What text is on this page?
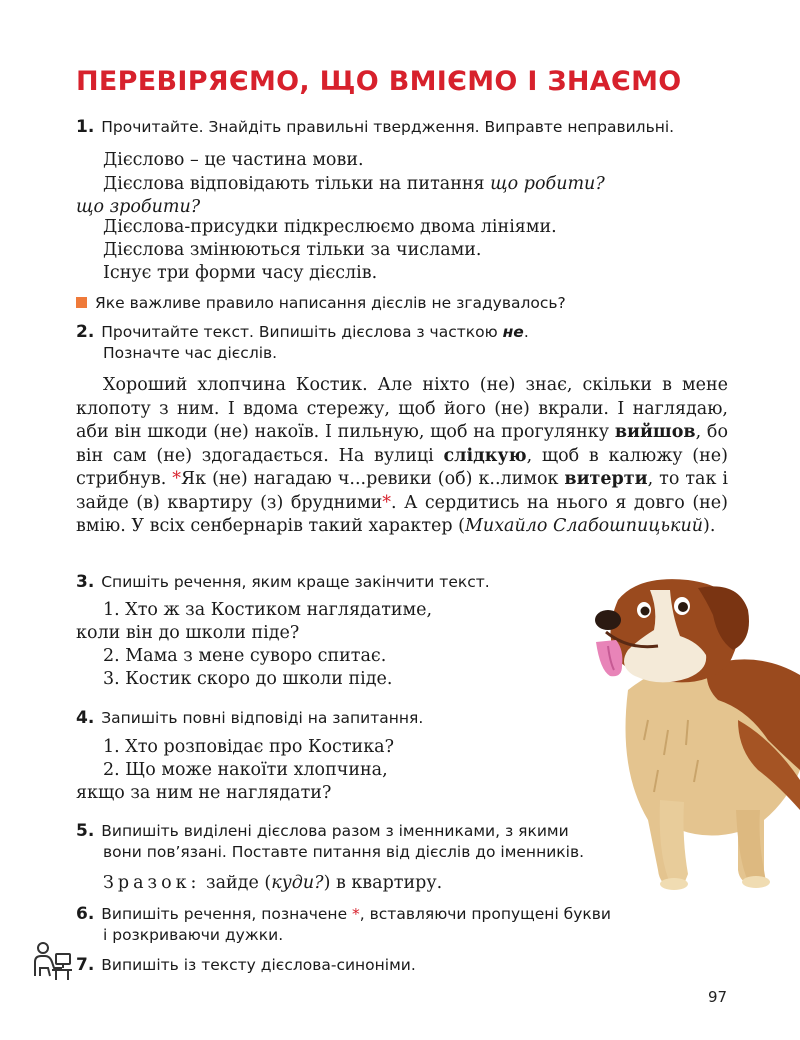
ПЕРЕВІРЯЄМО, ЩО ВМІЄМО І ЗНАЄМО
1. Прочитайте. Знайдіть правильні твердження. Виправте неправильні.
Дієслово – це частина мови.
Дієслова відповідають тільки на питання що робити?
що зробити?
Дієслова-присудки підкреслюємо двома лініями.
Дієслова змінюються тільки за числами.
Існує три форми часу дієслів.
Яке важливе правило написання дієслів не згадувалось?
2. Прочитайте текст. Випишіть дієслова з часткою не.
Позначте час дієслів.
Хороший хлопчина Костик. Але ніхто (не) знає, скільки в мене клопоту з ним. І вдома стережу, щоб його (не) вкрали. І наглядаю, аби він шкоди (не) накоїв. І пильную, щоб на прогулянку вийшов, бо він сам (не) здогадається. На вулиці слідкую, щоб в калюжу (не) стрибнув. *Як (не) нагадаю ч...ревики (об) к..лимок витерти, то так і зайде (в) квартиру (з) брудними*. А сердитись на нього я довго (не) вмію. У всіх сенбернарів такий характер (Михайло Слабошпицький).
3. Спишіть речення, яким краще закінчити текст.
1. Хто ж за Костиком наглядатиме,
коли він до школи піде?
2. Мама з мене суворо спитає.
3. Костик скоро до школи піде.
4. Запишіть повні відповіді на запитання.
1. Хто розповідає про Костика?
2. Що може накоїти хлопчина,
якщо за ним не наглядати?
5. Випишіть виділені дієслова разом з іменниками, з якими
вони пов’язані. Поставте питання від дієслів до іменників.
Зразок: зайде (куди?) в квартиру.
6. Випишіть речення, позначене *, вставляючи пропущені букви
і розкриваючи дужки.
7. Випишіть із тексту дієслова-синоніми.
97
